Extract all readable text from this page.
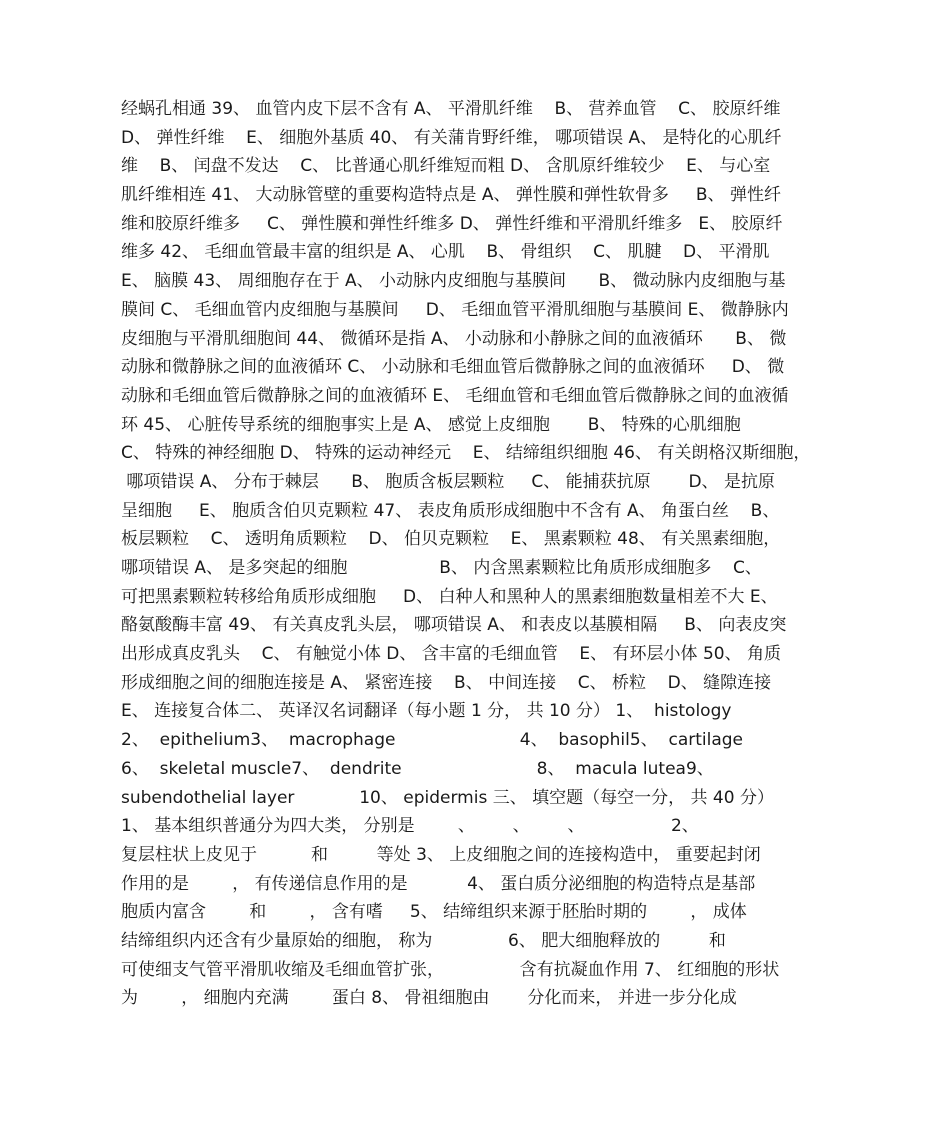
经蜗孔相通 39、 血管内皮下层不含有 A、 平滑肌纤维    B、 营养血管    C、 胶原纤维
D、 弹性纤维    E、 细胞外基质 40、 有关蒲肯野纤维， 哪项错误 A、 是特化的心肌纤
维    B、 闰盘不发达    C、 比普通心肌纤维短而粗 D、 含肌原纤维较少    E、 与心室
肌纤维相连 41、 大动脉管壁的重要构造特点是 A、 弹性膜和弹性软骨多     B、 弹性纤
维和胶原纤维多     C、 弹性膜和弹性纤维多 D、 弹性纤维和平滑肌纤维多   E、 胶原纤
维多 42、 毛细血管最丰富的组织是 A、 心肌    B、 骨组织    C、 肌腱    D、 平滑肌
E、 脑膜 43、 周细胞存在于 A、 小动脉内皮细胞与基膜间      B、 微动脉内皮细胞与基
膜间 C、 毛细血管内皮细胞与基膜间     D、 毛细血管平滑肌细胞与基膜间 E、 微静脉内
皮细胞与平滑肌细胞间 44、 微循环是指 A、 小动脉和小静脉之间的血液循环      B、 微
动脉和微静脉之间的血液循环 C、 小动脉和毛细血管后微静脉之间的血液循环     D、 微
动脉和毛细血管后微静脉之间的血液循环 E、 毛细血管和毛细血管后微静脉之间的血液循
环 45、 心脏传导系统的细胞事实上是 A、 感觉上皮细胞       B、 特殊的心肌细胞
C、 特殊的神经细胞 D、 特殊的运动神经元    E、 结缔组织细胞 46、 有关朗格汉斯细胞，
哪项错误 A、 分布于棘层      B、 胞质含板层颗粒     C、 能捕获抗原       D、 是抗原
呈细胞     E、 胞质含伯贝克颗粒 47、 表皮角质形成细胞中不含有 A、 角蛋白丝    B、
板层颗粒    C、 透明角质颗粒    D、 伯贝克颗粒    E、 黑素颗粒 48、 有关黑素细胞，
哪项错误 A、 是多突起的细胞                 B、 内含黑素颗粒比角质形成细胞多    C、
可把黑素颗粒转移给角质形成细胞     D、 白种人和黑种人的黑素细胞数量相差不大 E、
酪氨酸酶丰富 49、 有关真皮乳头层， 哪项错误 A、 和表皮以基膜相隔     B、 向表皮突
出形成真皮乳头    C、 有触觉小体 D、 含丰富的毛细血管    E、 有环层小体 50、 角质
形成细胞之间的细胞连接是 A、 紧密连接    B、 中间连接    C、 桥粒    D、 缝隙连接
E、 连接复合体二、 英译汉名词翻译（每小题 1 分， 共 10 分） 1、  histology
2、  epithelium3、  macrophage                       4、  basophil5、  cartilage
6、  skeletal muscle7、  dendrite                         8、  macula lutea9、
subendothelial layer            10、 epidermis 三、 填空题（每空一分， 共 40 分）
1、 基本组织普通分为四大类， 分别是        、       、       、                2、
复层柱状上皮见于          和         等处 3、 上皮细胞之间的连接构造中， 重要起封闭
作用的是        ， 有传递信息作用的是           4、 蛋白质分泌细胞的构造特点是基部
胞质内富含        和        ， 含有嗜     5、 结缔组织来源于胚胎时期的        ， 成体
结缔组织内还含有少量原始的细胞， 称为              6、 肥大细胞释放的         和
可使细支气管平滑肌收缩及毛细血管扩张，              含有抗凝血作用 7、 红细胞的形状
为        ， 细胞内充满        蛋白 8、 骨祖细胞由       分化而来， 并进一步分化成
